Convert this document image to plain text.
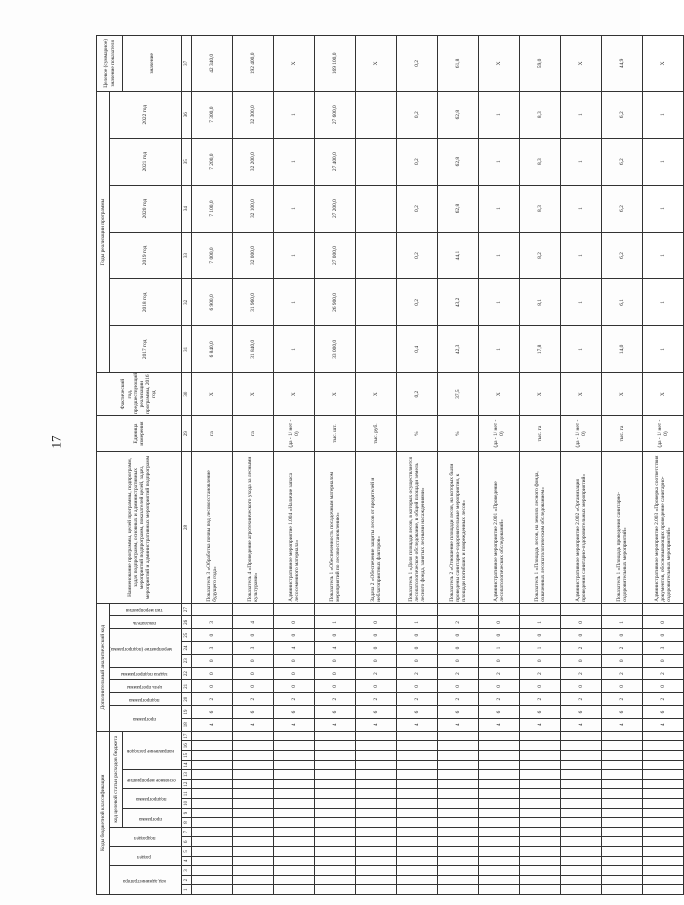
17
Коды бюджетной классификации																	Дополнительный аналитический код										Наименование программы, целей программы, подпрограмм, задач подпрограмм, основных и административных мероприятий подпрограмм, показателей целей, задач, мероприятий и административных мероприятий подпрограмм	Единица измерения	Фактический год, предшествующий реализации программы, 2016 год	Годы реализации программы						Целевое (суммарное) значение показателя
код администратора			раздел		подраздел		код целевой статьи расходов бюджета										программа		подпрограмма	цель программы	задача подпрограммы	мероприятие (подпрограмма)			показатель	тип мероприятия				2017 год	2018 год	2019 год	2020 год	2021 год	2022 год	
							программа		подпрограмма		основное мероприятие		направление расходов																							значение
1	2	3	4	5	6	7	8	9	10	11	12	13	14	15	16	17	18	19	20	21	22	23	24	25	26	27	28	29	30	31	32	33	34	35	36	37
																	4	6	2	0	0	0	3	0	3		Показатель 3 «Обработка почвы под лесовосстановление будущего года»	га	X	6 840,0	6 900,0	7 000,0	7 100,0	7 200,0	7 300,0	42 340,0
																	4	6	2	0	0	0	3	0	4		Показатель 4 «Проведение агротехнического ухода за лесными культурами»	га	X	31 840,0	31 960,0	32 000,0	32 100,0	32 200,0	32 300,0	192 400,0
																	4	6	2	0	0	0	4	0	0		Административное мероприятие 1.004 «Наличие запаса лесосеменного материала»	(да - 1/ нет - 0)	X	1	1	1	1	1	1	X
																	4	6	2	0	0	0	4	0	1		Показатель 1 «Обеспеченность посадочным материалом мероприятий по лесовосстановлению»	тыс. шт.	X	33 000,0	26 900,0	27 000,0	27 200,0	27 400,0	27 600,0	169 100,0
																	4	6	2	0	2	0	0	0	0		Задача 2 «Обеспечение защиты лесов от вредителей и неблагоприятных факторов»	тыс. руб.	X							X
																	4	6	2	0	2	0	0	0	1		Показатель 1 «Доля площади лесов, в которых осуществляется лесопатологическое обследование, в общей площади земель лесного фонда, занятых лесными насаждениями»	%	0,2	0,4	0,2	0,2	0,2	0,2	0,2	0,2
																	4	6	2	0	2	0	0	0	2		Показатель 2 «Отношение площади лесов, на которых были проведены санитарно-оздоровительные мероприятия, к площади погибших и поврежденных лесов»	%	37,5	42,3	43,2	44,1	62,8	62,8	62,8	61,8
																	4	6	2	0	2	0	1	0	0		Административное мероприятие 2.001 «Проведение лесопатологических обследований»	(да - 1/ нет - 0)	X	1	1	1	1	1	1	X
																	4	6	2	0	2	0	1	0	1		Показатель 1 «Площадь лесов, на землях лесного фонда, охваченных лесопатологическим обследованием»	тыс. га	X	17,8	8,1	8,2	8,3	8,3	8,3	59,0
																	4	6	2	0	2	0	2	0	0		Административное мероприятие 2.002 «Организация проведения санитарно-оздоровительных мероприятий»	(да - 1/ нет - 0)	X	1	1	1	1	1	1	X
																	4	6	2	0	2	0	2	0	1		Показатель 1 «Площадь проведения санитарно-оздоровительных мероприятий»	тыс. га	X	14,0	6,1	6,2	6,2	6,2	6,2	44,9
																	4	6	2	0	2	0	3	0	0		Административное мероприятие 2.003 «Проверка соответствия документов, обосновывающих проведение санитарно-оздоровительных мероприятий»	(да - 1/ нет - 0)	X	1	1	1	1	1	1	X
